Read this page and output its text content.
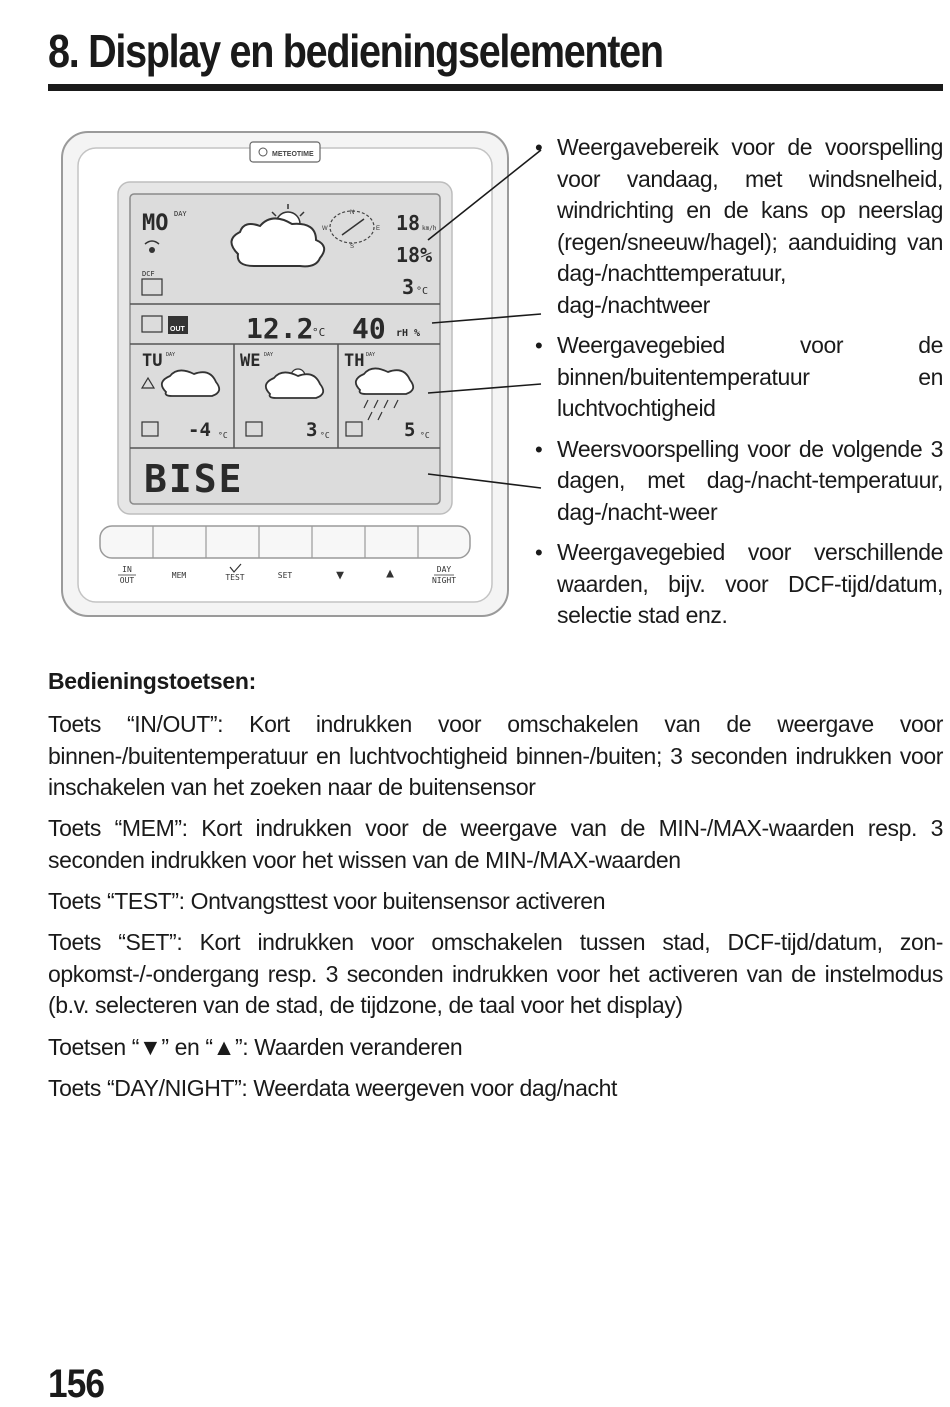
8. Display en bedieningselementen
METEOTIME
MO DAY
DCF
N
E
S
W	18 km/h
18%
3 °C
OUT 12.2
°C 40 rH %
TU DAY
-4 °C
WE DAY
3 °C
TH DAY
5 °C
BISE
IN
OUT
MEM	TEST	SET	▼	▲	DAY
NIGHT
• Weergavebereik voor de voorspelling voor vandaag, met windsnelheid, windrichting en de kans op neerslag (regen/sneeuw/hagel); aanduiding van dag-/nachttemperatuur, dag-/nachtweer
• Weergavegebied voor de binnen/buitentemperatuur en luchtvochtigheid
• Weersvoorspelling voor de volgende 3 dagen, met dag-/nacht-temperatuur, dag-/nacht-weer
• Weergavegebied voor verschillende waarden, bijv. voor DCF-tijd/datum, selectie stad enz.
Bedieningstoetsen:

Toets “IN/OUT”: Kort indrukken voor omschakelen van de weergave voor binnen-/buitentemperatuur en luchtvochtigheid binnen-/buiten; 3 seconden indrukken voor inschakelen van het zoeken naar de buitensensor

Toets “MEM”: Kort indrukken voor de weergave van de MIN-/MAX-waarden resp. 3 seconden indrukken voor het wissen van de MIN-/MAX-waarden

Toets “TEST”: Ontvangsttest voor buitensensor activeren

Toets “SET”: Kort indrukken voor omschakelen tussen stad, DCF-tijd/datum, zon-opkomst-/-ondergang resp. 3 seconden indrukken voor het activeren van de instelmodus (b.v. selecteren van de stad, de tijdzone, de taal voor het display)

Toetsen “▼” en “▲”: Waarden veranderen

Toets “DAY/NIGHT”: Weerdata weergeven voor dag/nacht

156
